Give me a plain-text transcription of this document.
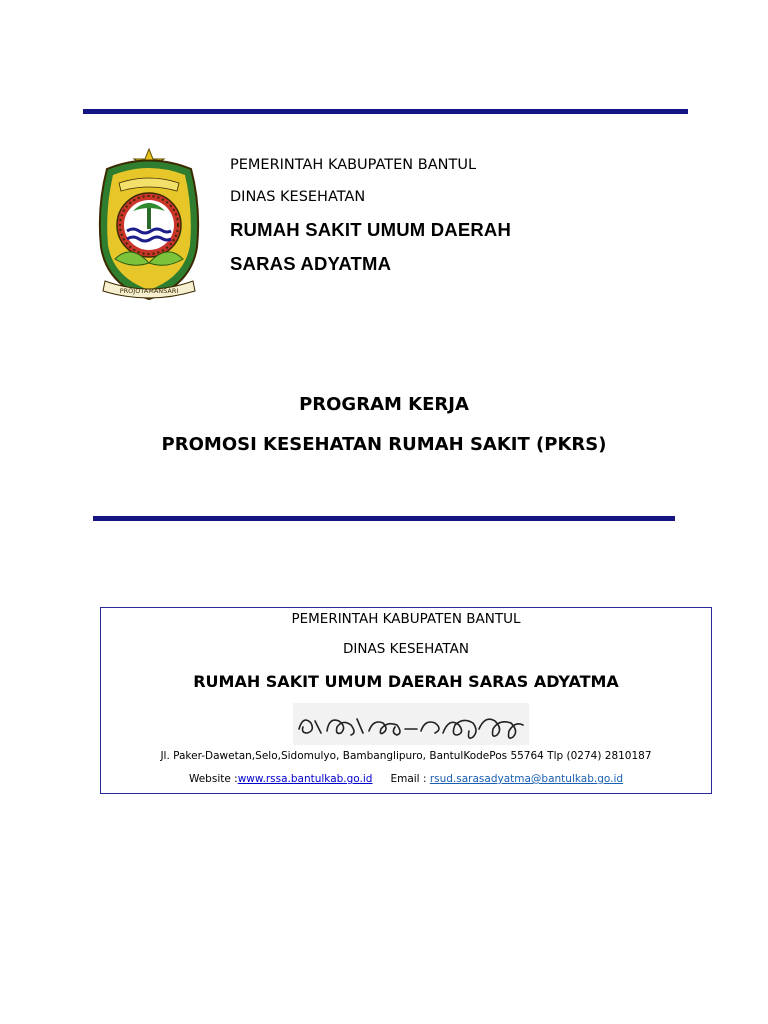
PROJOTAMANSARI
PEMERINTAH KABUPATEN BANTUL
DINAS KESEHATAN
RUMAH SAKIT UMUM DAERAH
SARAS ADYATMA
PROGRAM KERJA
PROMOSI KESEHATAN RUMAH SAKIT (PKRS)
PEMERINTAH KABUPATEN BANTUL
DINAS KESEHATAN
RUMAH SAKIT UMUM DAERAH SARAS ADYATMA
Jl. Paker-Dawetan,Selo,Sidomulyo, Bambanglipuro, BantulKodePos 55764 Tlp (0274) 2810187
Website :www.rssa.bantulkab.go.id Email : rsud.sarasadyatma@bantulkab.go.id
